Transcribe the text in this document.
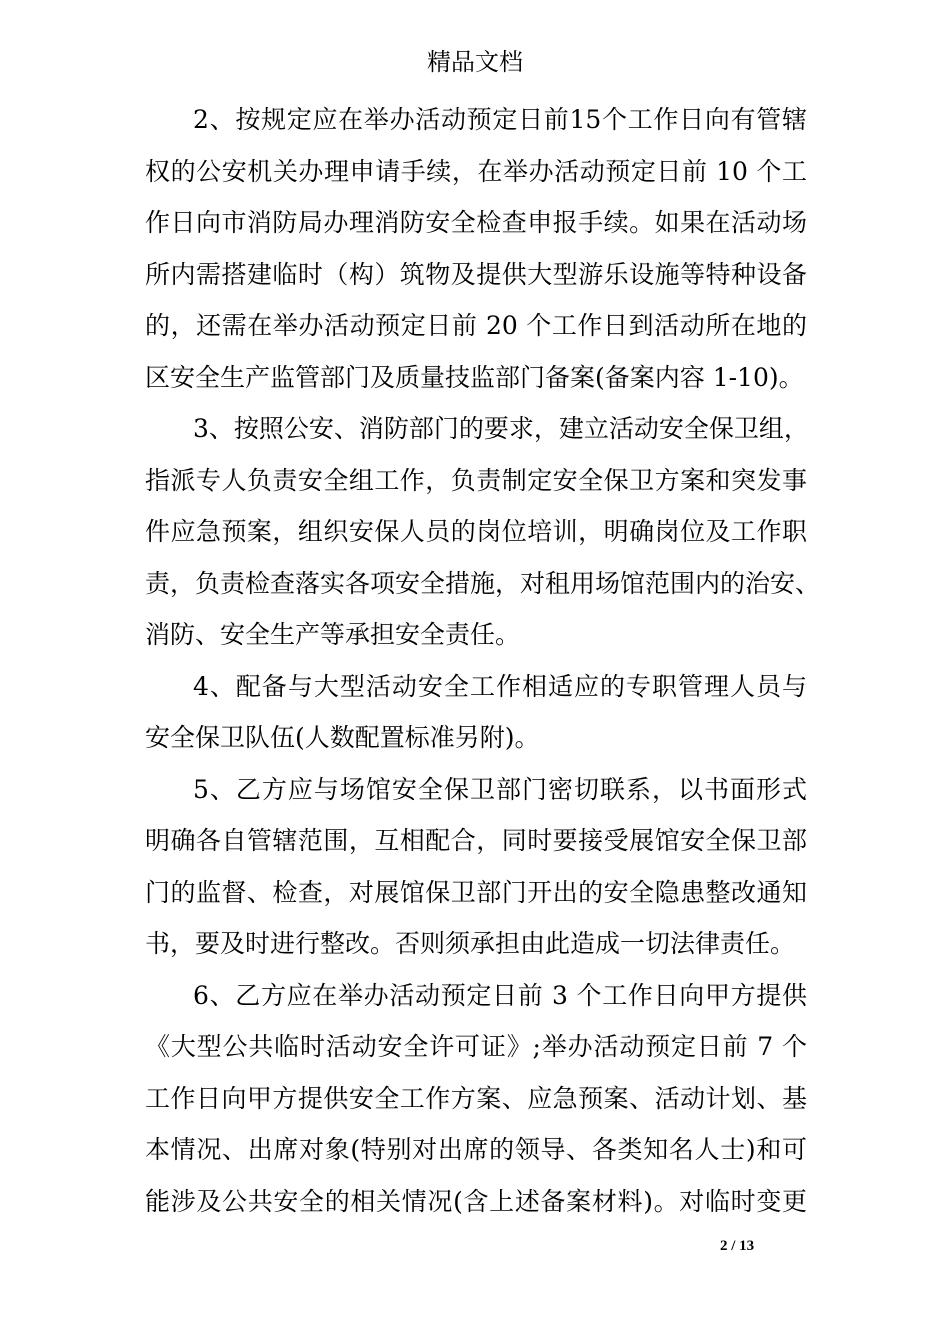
精品文档
2、按规定应在举办活动预定日前15个工作日向有管辖
权的公安机关办理申请手续，在举办活动预定日前 10 个工
作日向市消防局办理消防安全检查申报手续。如果在活动场
所内需搭建临时（构）筑物及提供大型游乐设施等特种设备
的，还需在举办活动预定日前 20 个工作日到活动所在地的
区安全生产监管部门及质量技监部门备案(备案内容 1-10)。
3、按照公安、消防部门的要求，建立活动安全保卫组，
指派专人负责安全组工作，负责制定安全保卫方案和突发事
件应急预案，组织安保人员的岗位培训，明确岗位及工作职
责，负责检查落实各项安全措施，对租用场馆范围内的治安、
消防、安全生产等承担安全责任。
4、配备与大型活动安全工作相适应的专职管理人员与
安全保卫队伍(人数配置标准另附)。
5、乙方应与场馆安全保卫部门密切联系，以书面形式
明确各自管辖范围，互相配合，同时要接受展馆安全保卫部
门的监督、检查，对展馆保卫部门开出的安全隐患整改通知
书，要及时进行整改。否则须承担由此造成一切法律责任。
6、乙方应在举办活动预定日前 3 个工作日向甲方提供
《大型公共临时活动安全许可证》;举办活动预定日前 7 个
工作日向甲方提供安全工作方案、应急预案、活动计划、基
本情况、出席对象(特别对出席的领导、各类知名人士)和可
能涉及公共安全的相关情况(含上述备案材料)。对临时变更
2 / 13
